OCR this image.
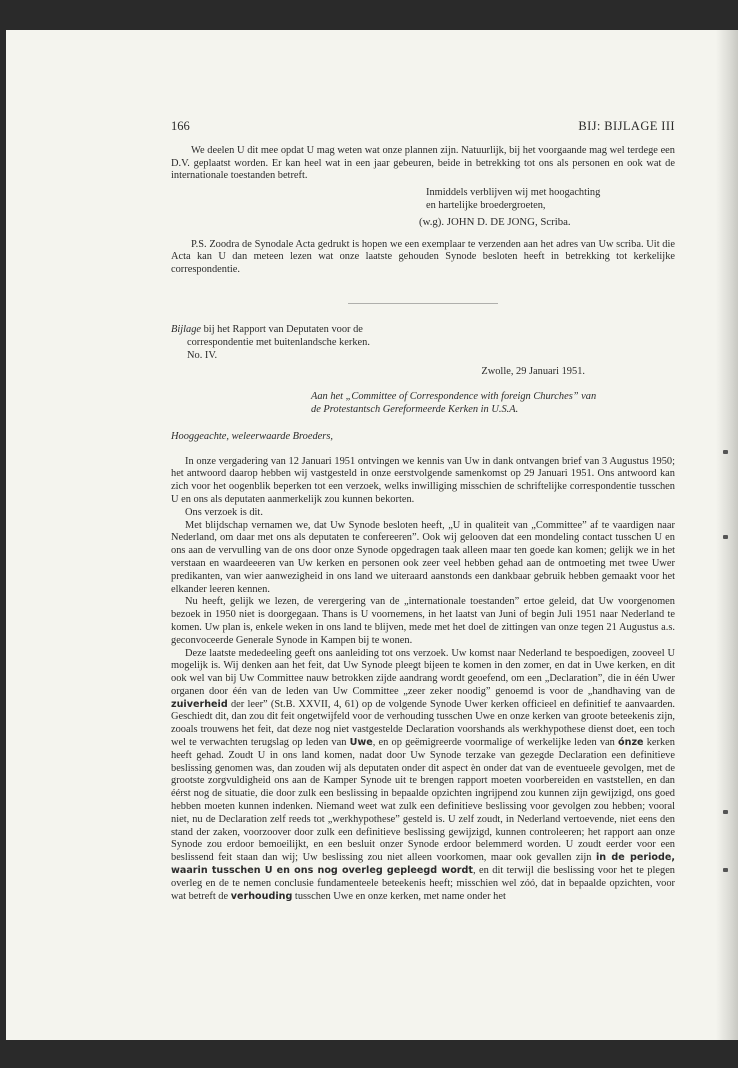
166	BIJ: BIJLAGE III

We deelen U dit mee opdat U mag weten wat onze plannen zijn. Natuurlijk, bij het voorgaande mag wel terdege een D.V. geplaatst worden. Er kan heel wat in een jaar gebeuren, beide in betrekking tot ons als personen en ook wat de internationale toestanden betreft.

Inmiddels verblijven wij met hoogachting
en hartelijke broedergroeten,
(w.g). JOHN D. DE JONG, Scriba.

P.S. Zoodra de Synodale Acta gedrukt is hopen we een exemplaar te verzenden aan het adres van Uw scriba. Uit die Acta kan U dan meteen lezen wat onze laatste gehouden Synode besloten heeft in betrekking tot kerkelijke correspondentie.

Bijlage bij het Rapport van Deputaten voor de
correspondentie met buitenlandsche kerken.
No. IV.
Zwolle, 29 Januari 1951.
Aan het „Committee of Correspondence with foreign Churches” van
de Protestantsch Gereformeerde Kerken in U.S.A.
Hooggeachte, weleerwaarde Broeders,

In onze vergadering van 12 Januari 1951 ontvingen we kennis van Uw in dank ontvangen brief van 3 Augustus 1950; het antwoord daarop hebben wij vastgesteld in onze eerstvolgende samenkomst op 29 Januari 1951. Ons antwoord kan zich voor het oogenblik beperken tot een verzoek, welks inwilliging misschien de schriftelijke correspondentie tusschen U en ons als deputaten aanmerkelijk zou kunnen bekorten.

Ons verzoek is dit.

Met blijdschap vernamen we, dat Uw Synode besloten heeft, „U in qualiteit van „Committee” af te vaardigen naar Nederland, om daar met ons als deputaten te confereeren”. Ook wij gelooven dat een mondeling contact tusschen U en ons aan de vervulling van de ons door onze Synode opgedragen taak alleen maar ten goede kan komen; gelijk we in het verstaan en waardeeeren van Uw kerken en personen ook zeer veel hebben gehad aan de ontmoeting met twee Uwer predikanten, van wier aanwezigheid in ons land we uiteraard aanstonds een dankbaar gebruik hebben gemaakt voor het elkander leeren kennen.

Nu heeft, gelijk we lezen, de verergering van de „internationale toestanden” ertoe geleid, dat Uw voorgenomen bezoek in 1950 niet is doorgegaan. Thans is U voornemens, in het laatst van Juni of begin Juli 1951 naar Nederland te komen. Uw plan is, enkele weken in ons land te blijven, mede met het doel de zittingen van onze tegen 21 Augustus a.s. geconvoceerde Generale Synode in Kampen bij te wonen.

Deze laatste mededeeling geeft ons aanleiding tot ons verzoek. Uw komst naar Nederland te bespoedigen, zooveel U mogelijk is. Wij denken aan het feit, dat Uw Synode pleegt bijeen te komen in den zomer, en dat in Uwe kerken, en dit ook wel van bij Uw Committee nauw betrokken zijde aandrang wordt geoefend, om een „Declaration”, die in één Uwer organen door één van de leden van Uw Committee „zeer zeker noodig” genoemd is voor de „handhaving van de zuiverheid der leer” (St.B. XXVII, 4, 61) op de volgende Synode Uwer kerken officieel en definitief te aanvaarden. Geschiedt dit, dan zou dit feit ongetwijfeld voor de verhouding tusschen Uwe en onze kerken van groote beteekenis zijn, zooals trouwens het feit, dat deze nog niet vastgestelde Declaration voorshands als werkhypothese dienst doet, een toch wel te verwachten terugslag op leden van Uwe, en op geëmigreerde voormalige of werkelijke leden van ónze kerken heeft gehad. Zoudt U in ons land komen, nadat door Uw Synode terzake van gezegde Declaration een definitieve beslissing genomen was, dan zouden wij als deputaten onder dit aspect èn onder dat van de eventueele gevolgen, met de grootste zorgvuldigheid ons aan de Kamper Synode uit te brengen rapport moeten voorbereiden en vaststellen, en dan éérst nog de situatie, die door zulk een beslissing in bepaalde opzichten ingrijpend zou kunnen zijn gewijzigd, ons goed hebben moeten kunnen indenken. Niemand weet wat zulk een definitieve beslissing voor gevolgen zou hebben; vooral niet, nu de Declaration zelf reeds tot „werkhypothese” gesteld is. U zelf zoudt, in Nederland vertoevende, niet eens den stand der zaken, voorzoover door zulk een definitieve beslissing gewijzigd, kunnen controleeren; het rapport aan onze Synode zou erdoor bemoeilijkt, en een besluit onzer Synode erdoor belemmerd worden. U zoudt eerder voor een beslissend feit staan dan wij; Uw beslissing zou niet alleen voorkomen, maar ook gevallen zijn in de periode, waarin tusschen U en ons nog overleg gepleegd wordt, en dit terwijl die beslissing voor het te plegen overleg en de te nemen conclusie fundamenteele beteekenis heeft; misschien wel zóó, dat in bepaalde opzichten, voor wat betreft de verhouding tusschen Uwe en onze kerken, met name onder het
